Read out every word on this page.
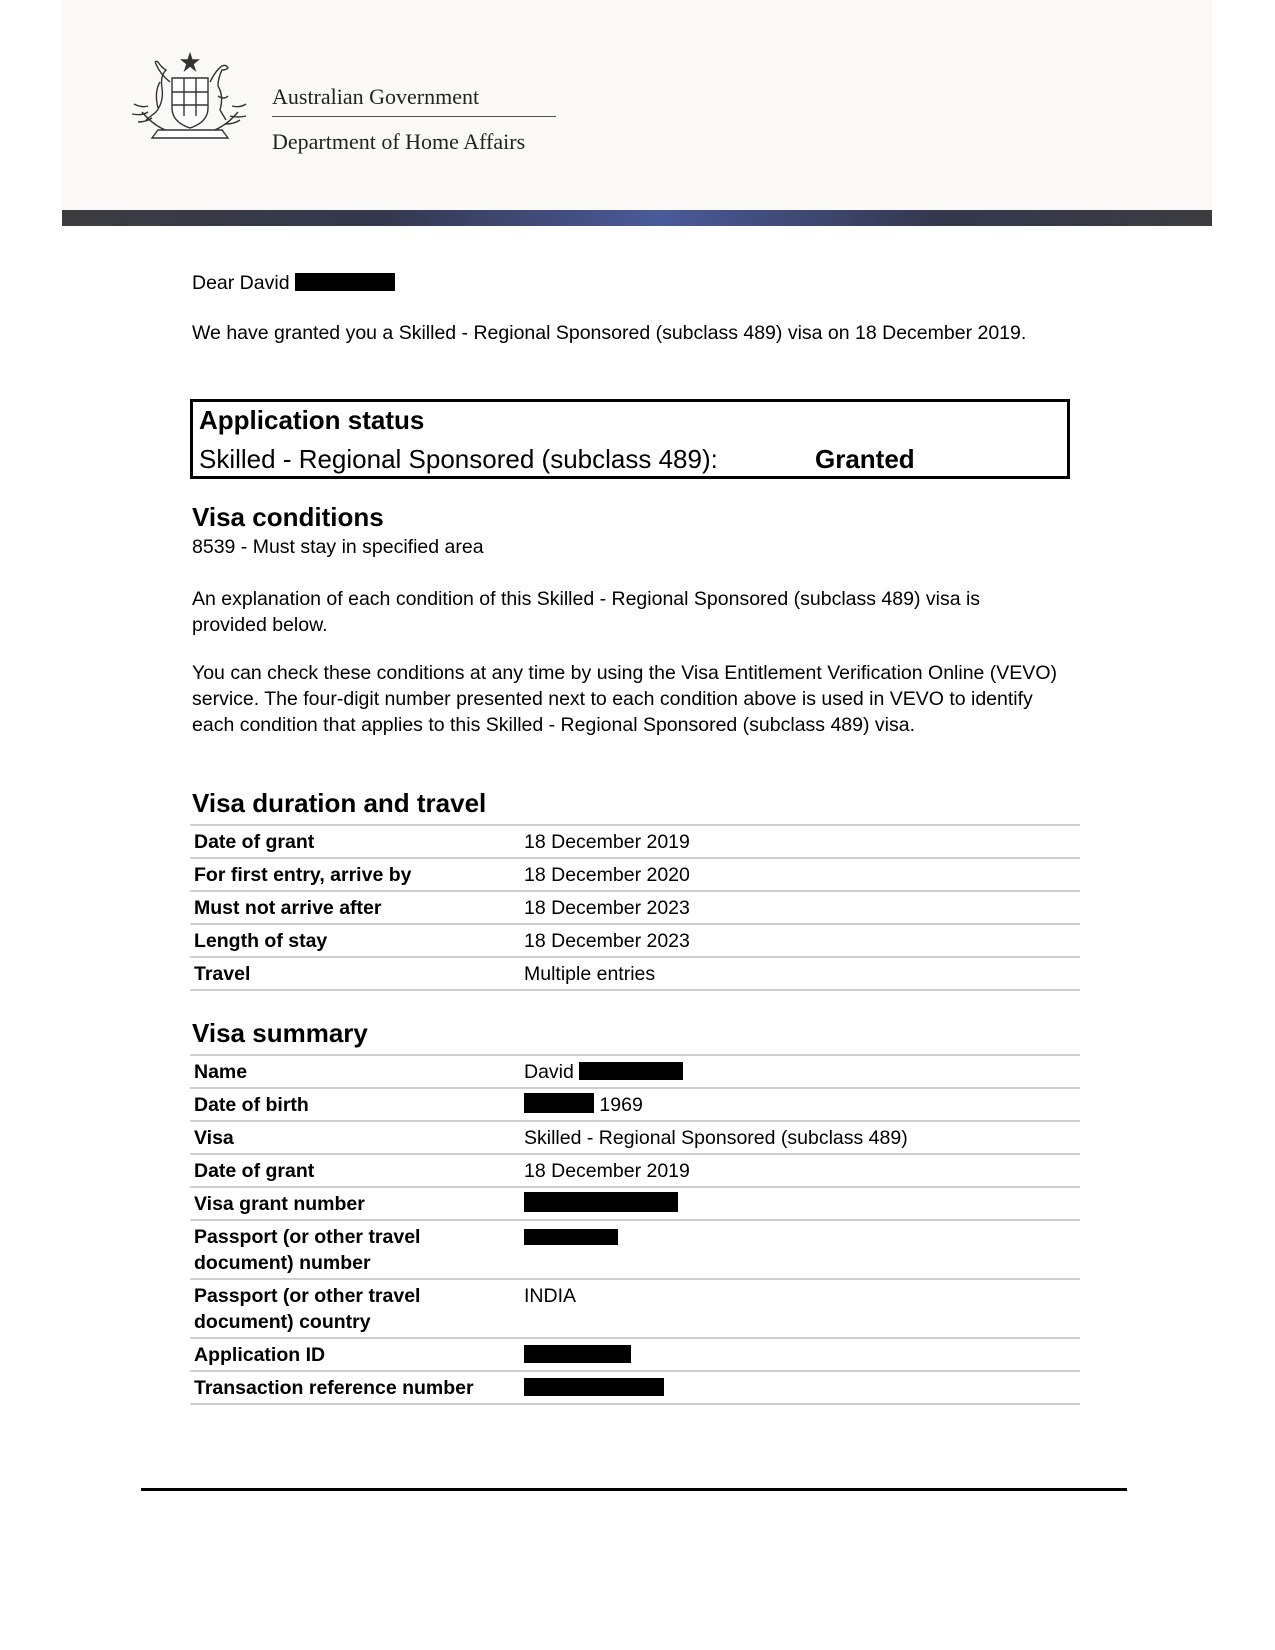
Australian Government
Department of Home Affairs
Dear David
We have granted you a Skilled - Regional Sponsored (subclass 489) visa on 18 December 2019.
Application status
Skilled - Regional Sponsored (subclass 489):	Granted
Visa conditions
8539 - Must stay in specified area
An explanation of each condition of this Skilled - Regional Sponsored (subclass 489) visa is provided below.
You can check these conditions at any time by using the Visa Entitlement Verification Online (VEVO) service. The four-digit number presented next to each condition above is used in VEVO to identify each condition that applies to this Skilled - Regional Sponsored (subclass 489) visa.
Visa duration and travel
Date of grant	18 December 2019
For first entry, arrive by	18 December 2020
Must not arrive after	18 December 2023
Length of stay	18 December 2023
Travel	Multiple entries
Visa summary
Name	David
Date of birth	1969
Visa	Skilled - Regional Sponsored (subclass 489)
Date of grant	18 December 2019
Visa grant number	
Passport (or other travel document) number	
Passport (or other travel document) country	INDIA
Application ID	
Transaction reference number	
